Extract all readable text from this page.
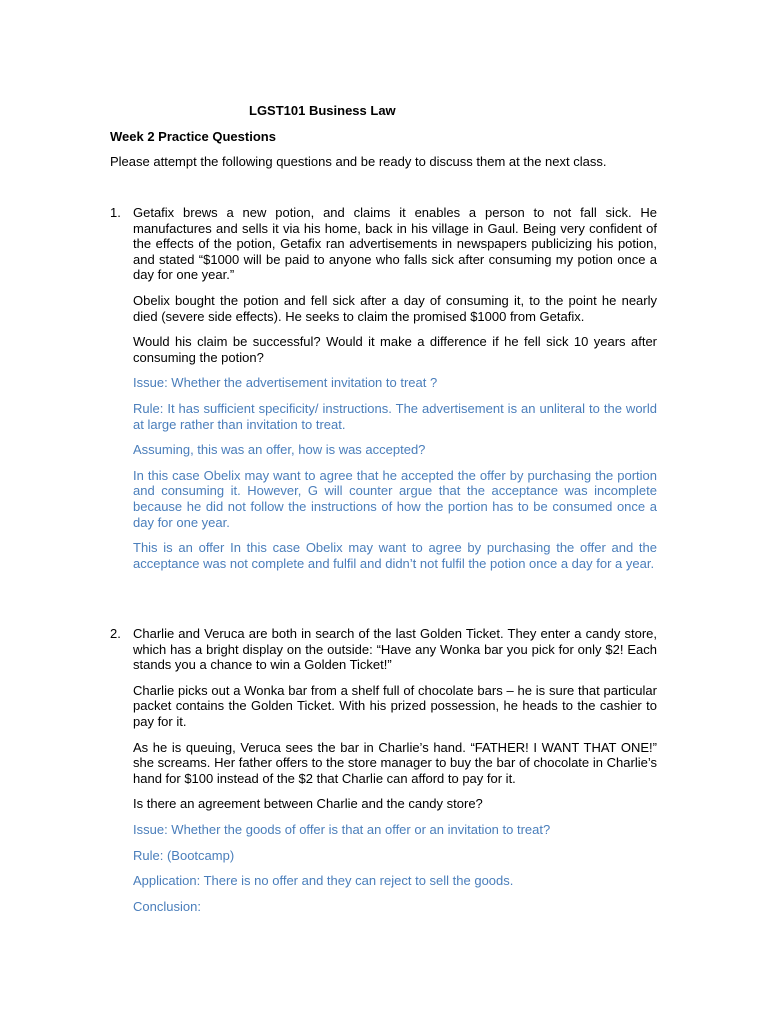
LGST101 Business Law
Week 2 Practice Questions

Please attempt the following questions and be ready to discuss them at the next class.

1. Getafix brews a new potion, and claims it enables a person to not fall sick. He manufactures and sells it via his home, back in his village in Gaul. Being very confident of the effects of the potion, Getafix ran advertisements in newspapers publicizing his potion, and stated “$1000 will be paid to anyone who falls sick after consuming my potion once a day for one year.”

Obelix bought the potion and fell sick after a day of consuming it, to the point he nearly died (severe side effects). He seeks to claim the promised $1000 from Getafix.

Would his claim be successful? Would it make a difference if he fell sick 10 years after consuming the potion?

Issue: Whether the advertisement invitation to treat ?

Rule: It has sufficient specificity/ instructions. The advertisement is an unliteral to the world at large rather than invitation to treat.

Assuming, this was an offer, how is was accepted?

In this case Obelix may want to agree that he accepted the offer by purchasing the portion and consuming it. However, G will counter argue that the acceptance was incomplete because he did not follow the instructions of how the portion has to be consumed once a day for one year.

This is an offer In this case Obelix may want to agree by purchasing the offer and the acceptance was not complete and fulfil and didn’t not fulfil the potion once a day for a year.

2. Charlie and Veruca are both in search of the last Golden Ticket. They enter a candy store, which has a bright display on the outside: “Have any Wonka bar you pick for only $2! Each stands you a chance to win a Golden Ticket!”

Charlie picks out a Wonka bar from a shelf full of chocolate bars – he is sure that particular packet contains the Golden Ticket. With his prized possession, he heads to the cashier to pay for it.

As he is queuing, Veruca sees the bar in Charlie’s hand. “FATHER! I WANT THAT ONE!” she screams. Her father offers to the store manager to buy the bar of chocolate in Charlie’s hand for $100 instead of the $2 that Charlie can afford to pay for it.

Is there an agreement between Charlie and the candy store?

Issue: Whether the goods of offer is that an offer or an invitation to treat?

Rule: (Bootcamp)

Application: There is no offer and they can reject to sell the goods.

Conclusion:
